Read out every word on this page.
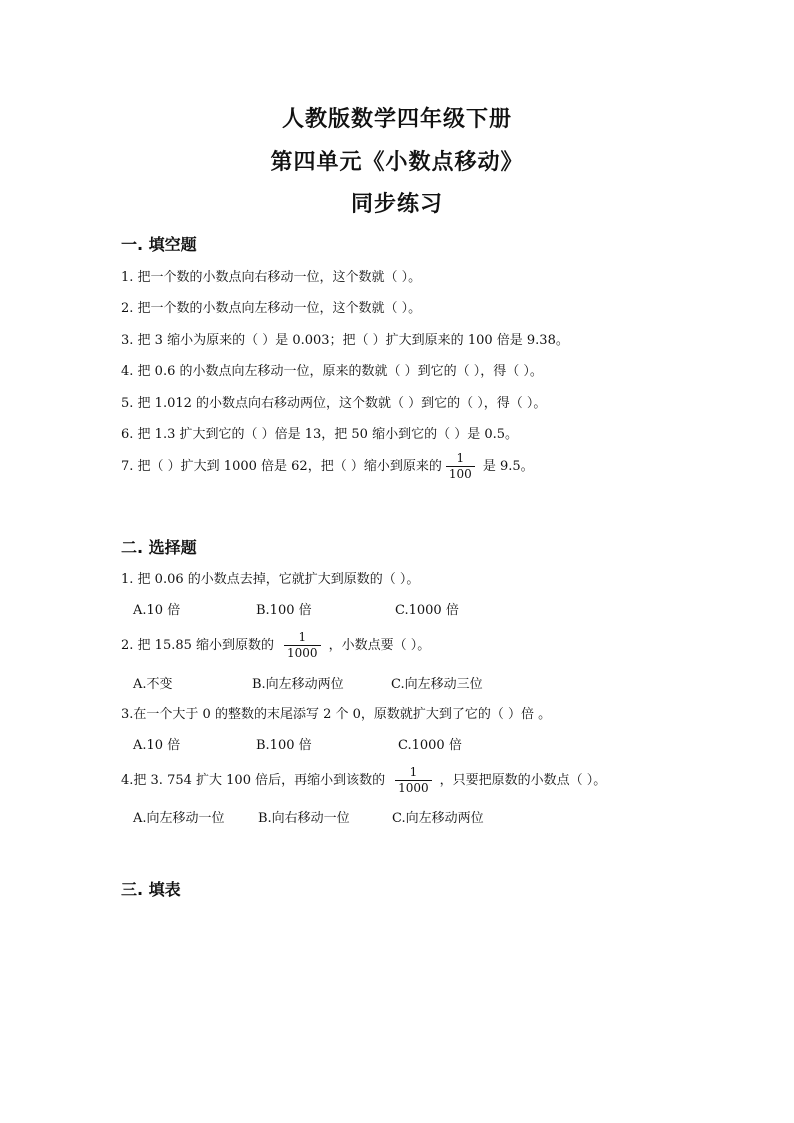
人教版数学四年级下册
第四单元《小数点移动》
同步练习
一. 填空题
1. 把一个数的小数点向右移动一位，这个数就（ ）。
2. 把一个数的小数点向左移动一位，这个数就（ ）。
3. 把 3 缩小为原来的（ ）是 0.003；把（ ）扩大到原来的 100 倍是 9.38。
4. 把 0.6 的小数点向左移动一位，原来的数就（ ）到它的（ ），得（ ）。
5. 把 1.012 的小数点向右移动两位，这个数就（ ）到它的（ ），得（ ）。
6. 把 1.3 扩大到它的（ ）倍是 13，把 50 缩小到它的（ ）是 0.5。
7. 把（ ）扩大到 1000 倍是 62，把（ ）缩小到原来的 $\frac{1}{100}$ 是 9.5。
二. 选择题
1. 把 0.06 的小数点去掉，它就扩大到原数的（ ）。
A.10 倍	B.100 倍	C.1000 倍
2. 把 15.85 缩小到原数的 $\frac{1}{1000}$ ，小数点要（ ）。
A.不变	B.向左移动两位	C.向左移动三位
3.在一个大于 0 的整数的末尾添写 2 个 0，原数就扩大到了它的（ ）倍 。
A.10 倍	B.100 倍	C.1000 倍
4.把 3. 754 扩大 100 倍后，再缩小到该数的 $\frac{1}{1000}$ ，只要把原数的小数点（ ）。
A.向左移动一位	B.向右移动一位	C.向左移动两位
三. 填表
